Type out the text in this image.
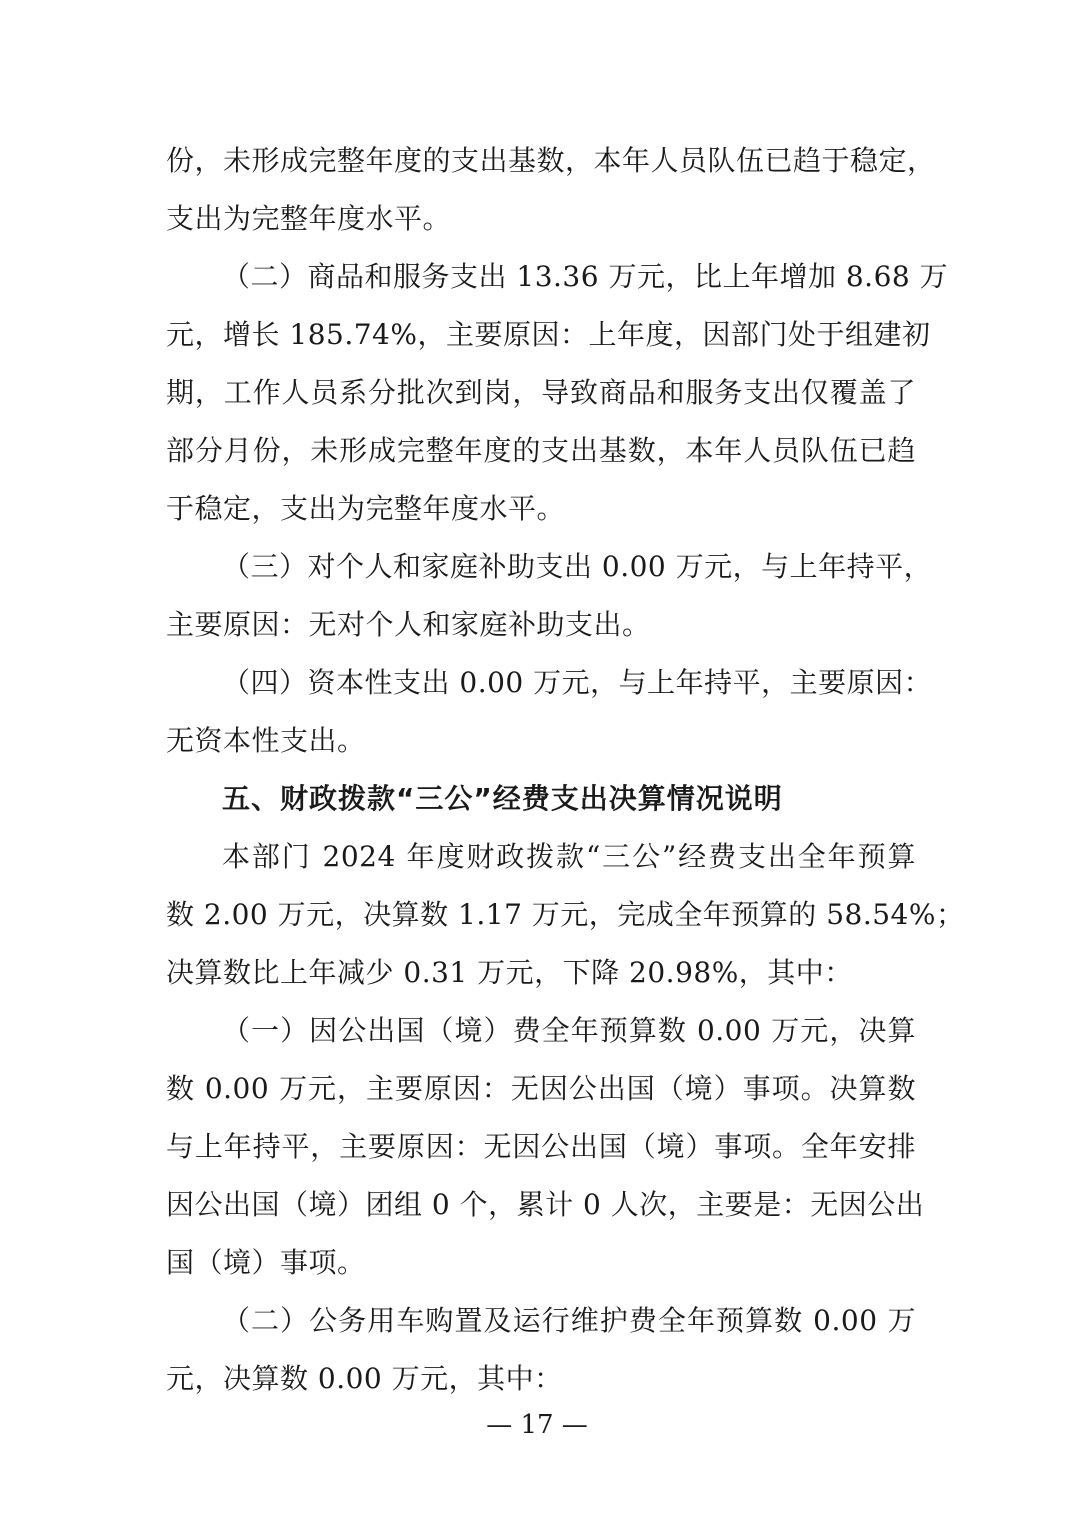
份，未形成完整年度的支出基数，本年人员队伍已趋于稳定，
支出为完整年度水平。
（二）商品和服务支出 13.36 万元，比上年增加 8.68 万
元，增长 185.74%，主要原因：上年度，因部门处于组建初
期，工作人员系分批次到岗，导致商品和服务支出仅覆盖了
部分月份，未形成完整年度的支出基数，本年人员队伍已趋
于稳定，支出为完整年度水平。
（三）对个人和家庭补助支出 0.00 万元，与上年持平，
主要原因：无对个人和家庭补助支出。
（四）资本性支出 0.00 万元，与上年持平，主要原因：
无资本性支出。
五、财政拨款“三公”经费支出决算情况说明
本部门 2024 年度财政拨款“三公”经费支出全年预算
数 2.00 万元，决算数 1.17 万元，完成全年预算的 58.54%；
决算数比上年减少 0.31 万元，下降 20.98%，其中：
（一）因公出国（境）费全年预算数 0.00 万元，决算
数 0.00 万元，主要原因：无因公出国（境）事项。决算数
与上年持平，主要原因：无因公出国（境）事项。全年安排
因公出国（境）团组 0 个，累计 0 人次，主要是：无因公出
国（境）事项。
（二）公务用车购置及运行维护费全年预算数 0.00 万
元，决算数 0.00 万元，其中：
— 17 —
